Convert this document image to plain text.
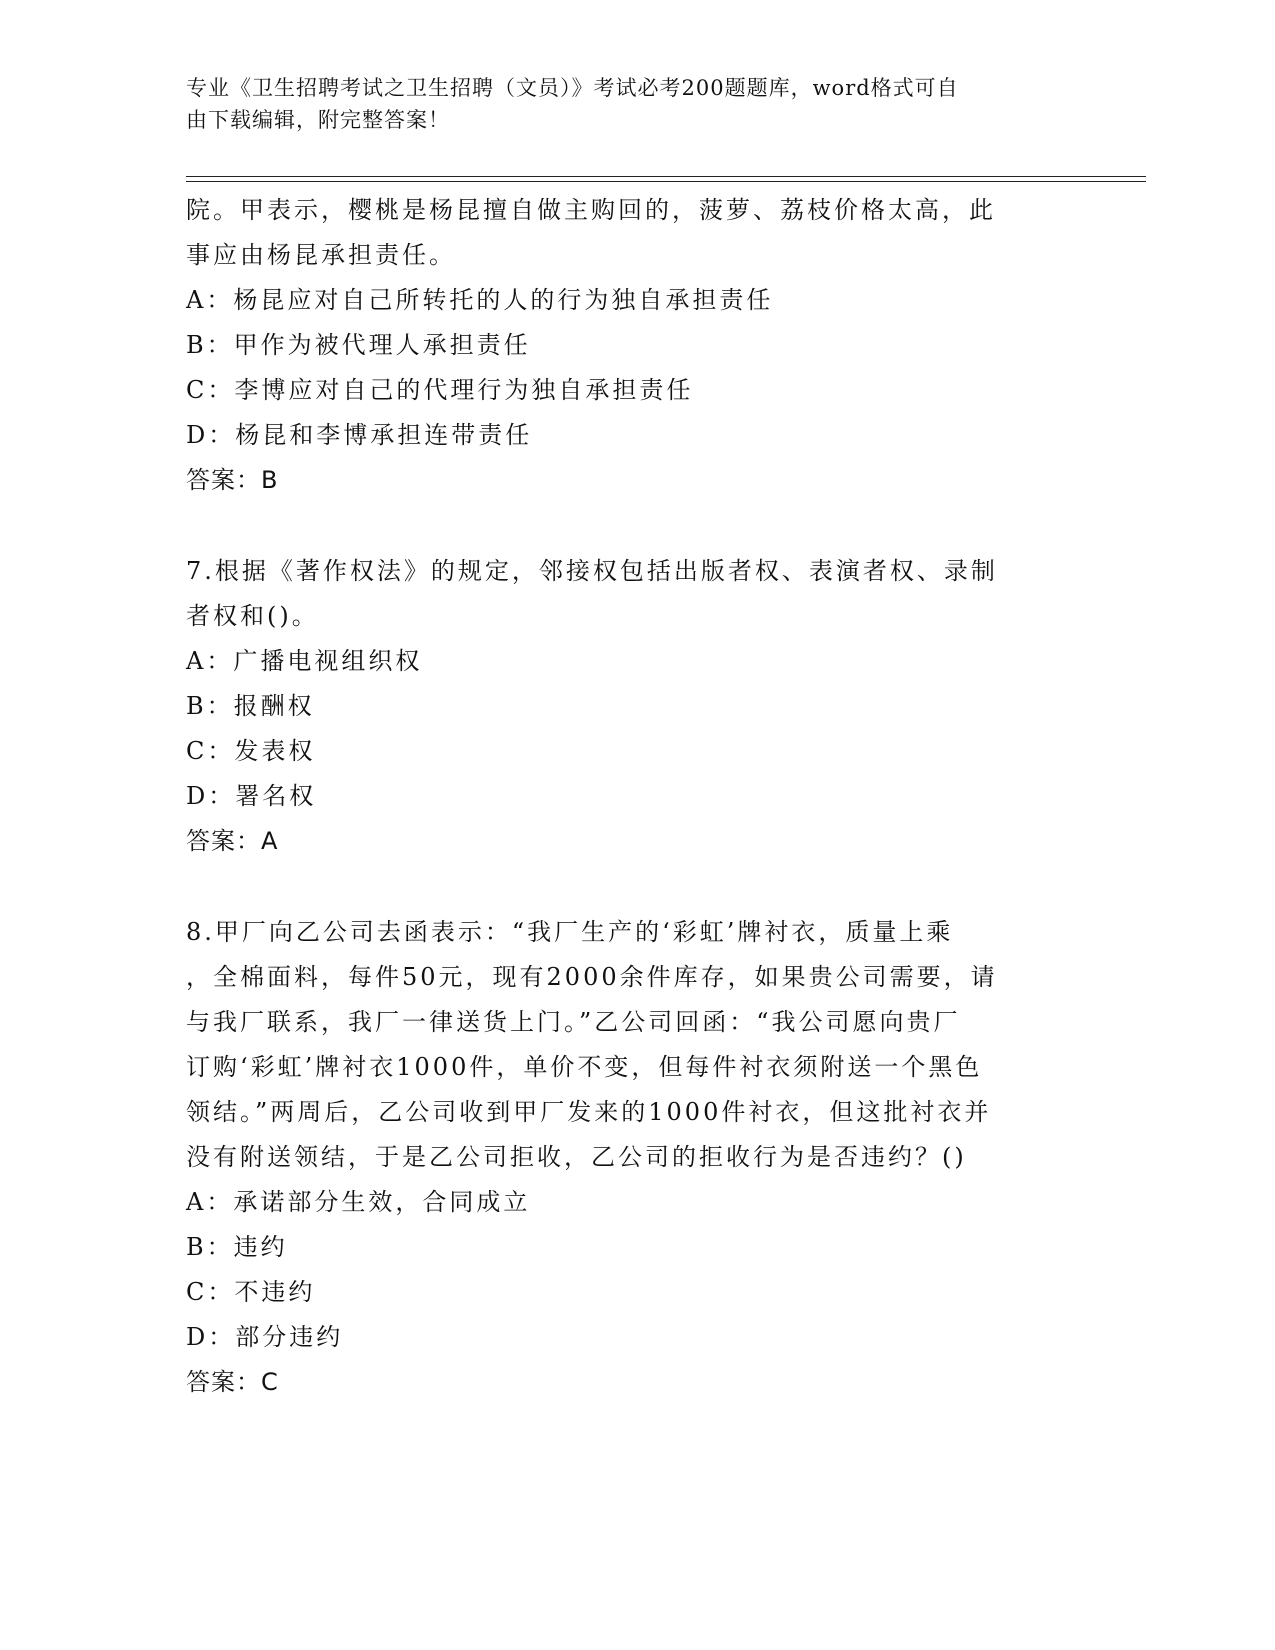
专业《卫生招聘考试之卫生招聘（文员）》考试必考200题题库，word格式可自
由下载编辑，附完整答案！
院。甲表示，樱桃是杨昆擅自做主购回的，菠萝、荔枝价格太高，此
事应由杨昆承担责任。
A：杨昆应对自己所转托的人的行为独自承担责任
B：甲作为被代理人承担责任
C：李博应对自己的代理行为独自承担责任
D：杨昆和李博承担连带责任
答案：B
7.根据《著作权法》的规定，邻接权包括出版者权、表演者权、录制
者权和()。
A：广播电视组织权
B：报酬权
C：发表权
D：署名权
答案：A
8.甲厂向乙公司去函表示：“我厂生产的‘彩虹’牌衬衣，质量上乘
，全棉面料，每件50元，现有2000余件库存，如果贵公司需要，请
与我厂联系，我厂一律送货上门。”乙公司回函：“我公司愿向贵厂
订购‘彩虹’牌衬衣1000件，单价不变，但每件衬衣须附送一个黑色
领结。”两周后，乙公司收到甲厂发来的1000件衬衣，但这批衬衣并
没有附送领结，于是乙公司拒收，乙公司的拒收行为是否违约？()
A：承诺部分生效，合同成立
B：违约
C：不违约
D：部分违约
答案：C
